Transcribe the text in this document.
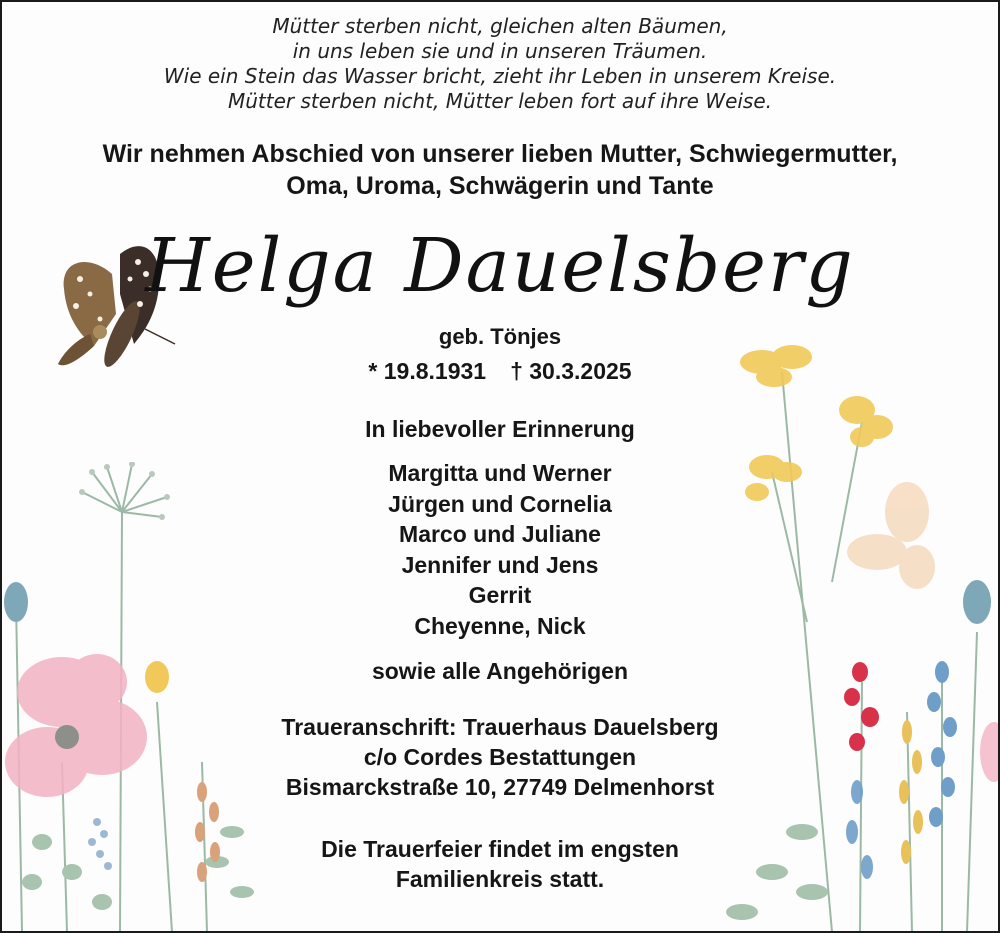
Mütter sterben nicht, gleichen alten Bäumen,
in uns leben sie und in unseren Träumen.
Wie ein Stein das Wasser bricht, zieht ihr Leben in unserem Kreise.
Mütter sterben nicht, Mütter leben fort auf ihre Weise.
Wir nehmen Abschied von unserer lieben Mutter, Schwiegermutter,
Oma, Uroma, Schwägerin und Tante
Helga Dauelsberg
geb. Tönjes
* 19.8.1931 † 30.3.2025
In liebevoller Erinnerung
Margitta und Werner
Jürgen und Cornelia
Marco und Juliane
Jennifer und Jens
Gerrit
Cheyenne, Nick
sowie alle Angehörigen
Traueranschrift: Trauerhaus Dauelsberg
c/o Cordes Bestattungen
Bismarckstraße 10, 27749 Delmenhorst
Die Trauerfeier findet im engsten
Familienkreis statt.
